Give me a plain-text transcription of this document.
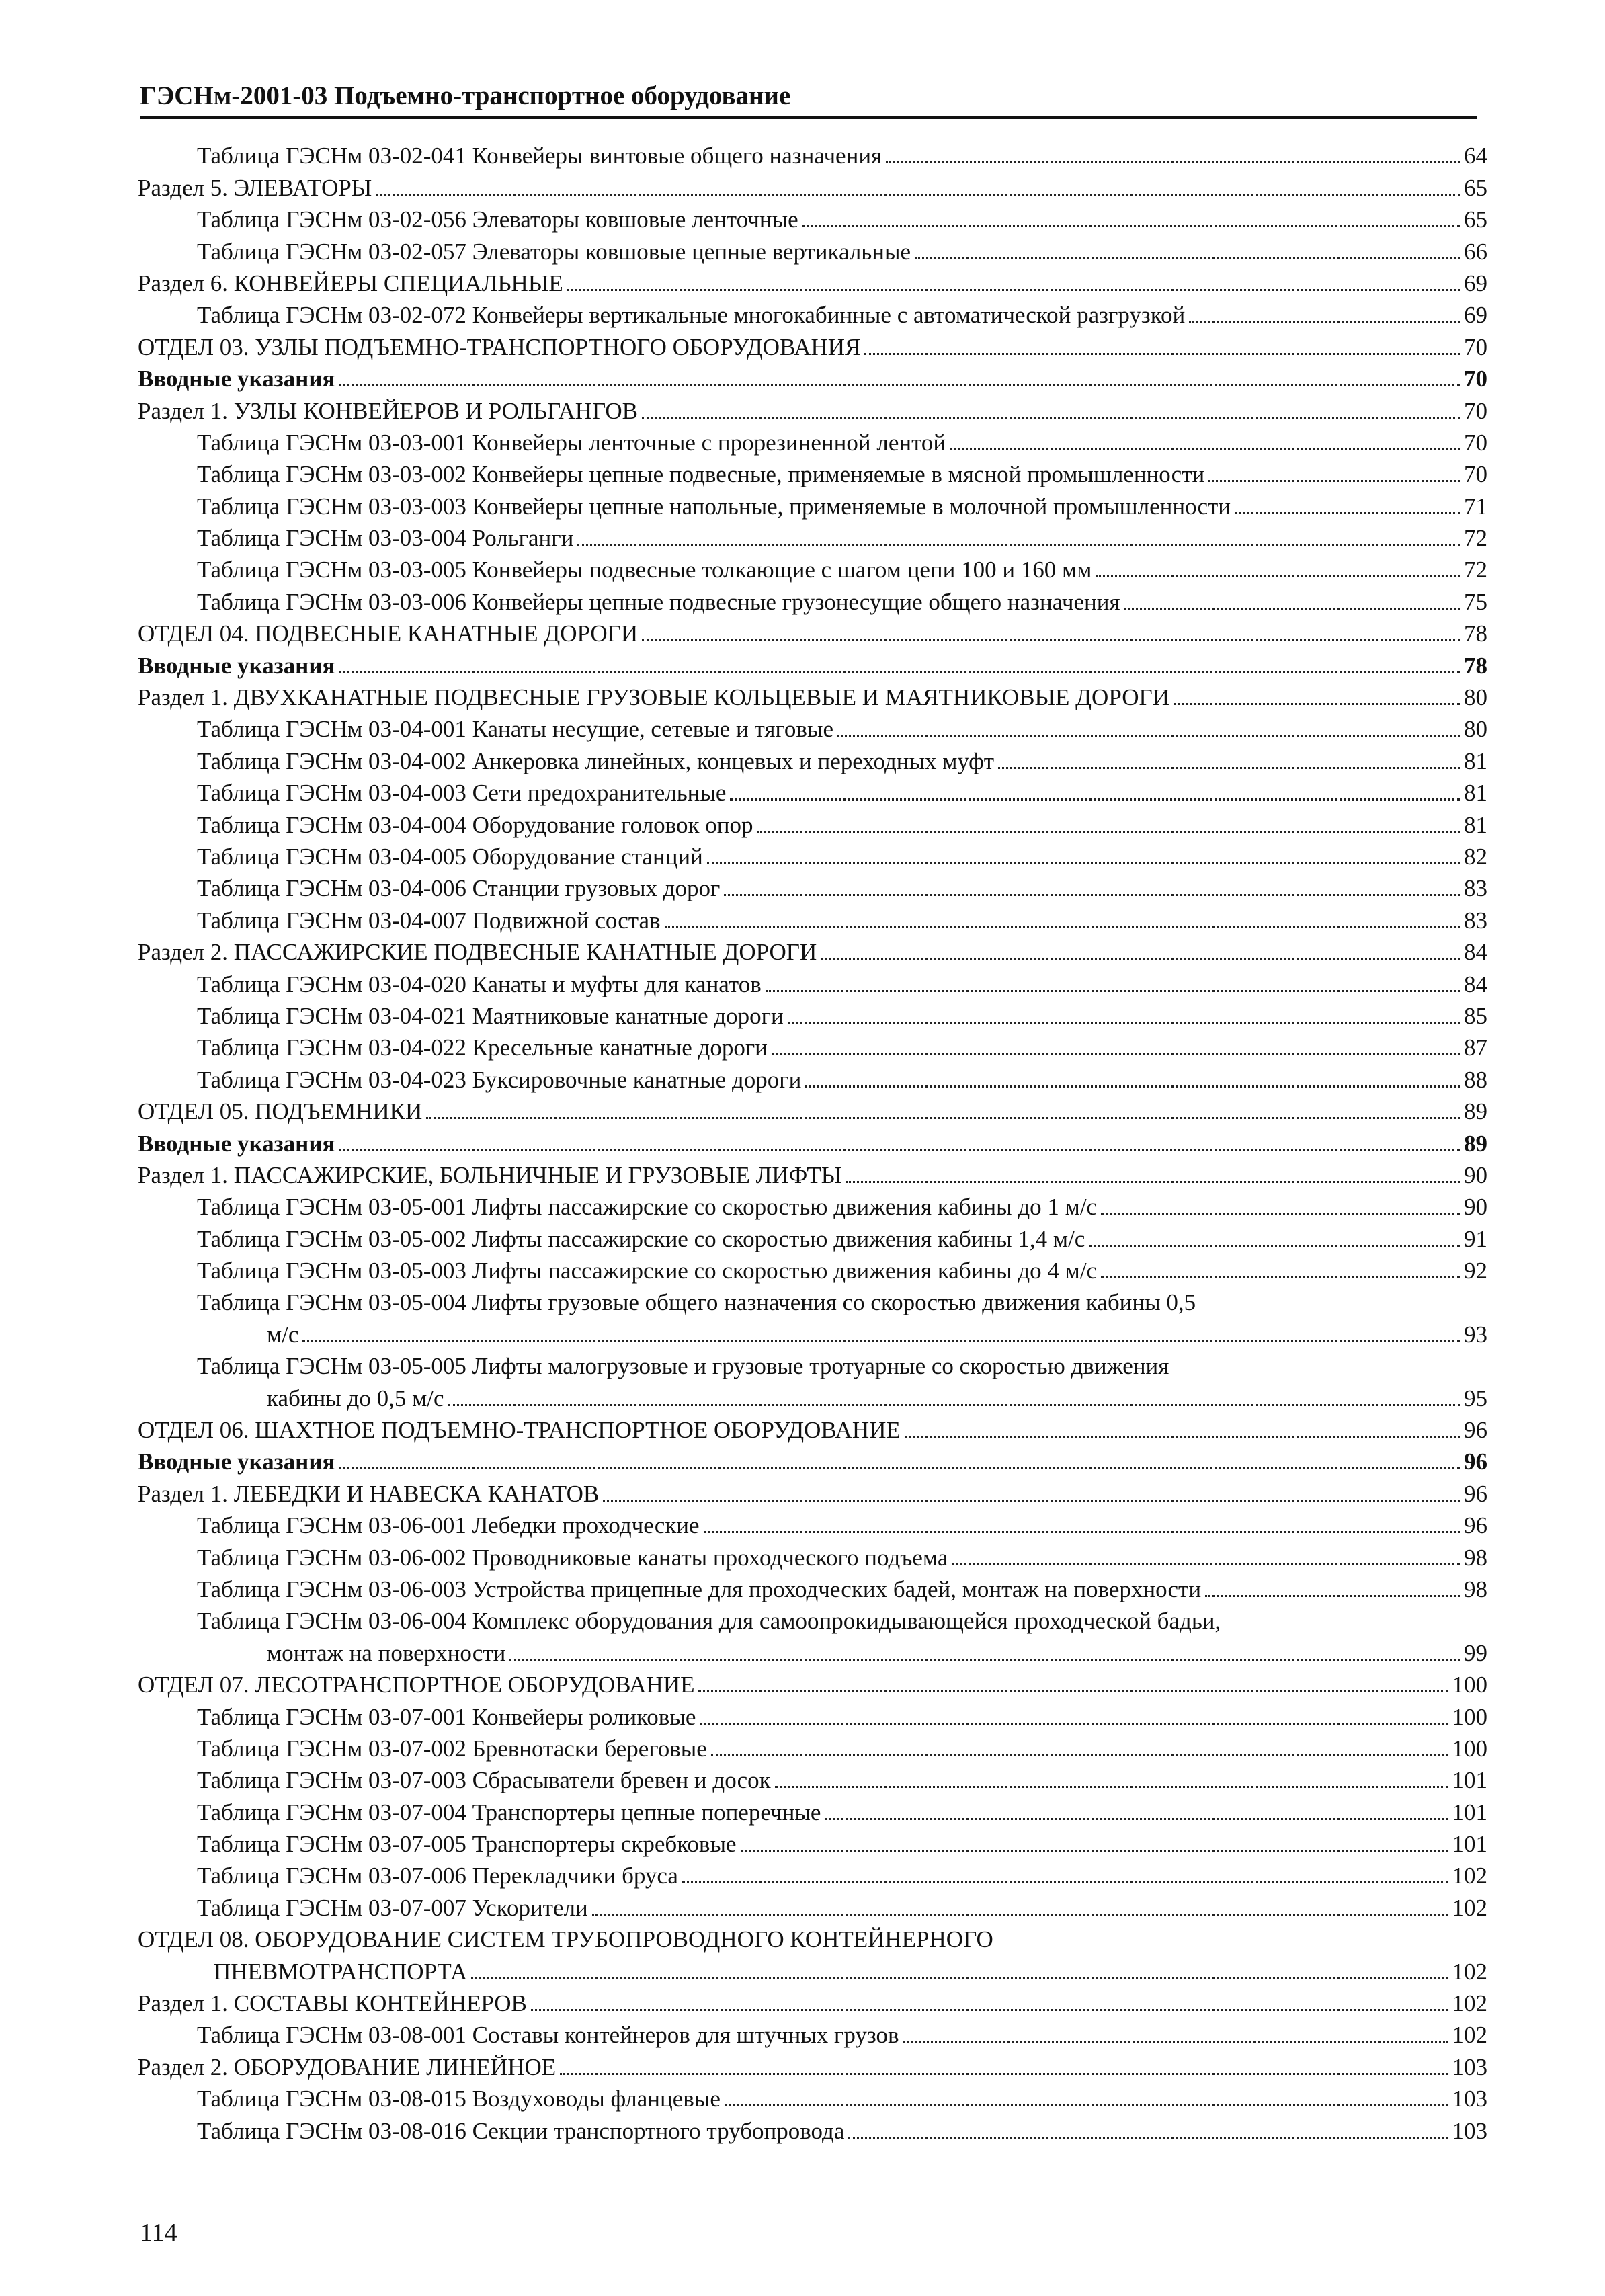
ГЭСНм-2001-03 Подъемно-транспортное оборудование
Таблица ГЭСНм 03-02-041 Конвейеры винтовые общего назначения	64
Раздел 5. ЭЛЕВАТОРЫ	65
Таблица ГЭСНм 03-02-056 Элеваторы ковшовые ленточные	65
Таблица ГЭСНм 03-02-057 Элеваторы ковшовые цепные вертикальные	66
Раздел 6. КОНВЕЙЕРЫ СПЕЦИАЛЬНЫЕ	69
Таблица ГЭСНм 03-02-072 Конвейеры вертикальные многокабинные с автоматической разгрузкой	69
ОТДЕЛ 03. УЗЛЫ ПОДЪЕМНО-ТРАНСПОРТНОГО ОБОРУДОВАНИЯ	70
Вводные указания	70
Раздел 1. УЗЛЫ КОНВЕЙЕРОВ И РОЛЬГАНГОВ	70
Таблица ГЭСНм 03-03-001 Конвейеры ленточные с прорезиненной лентой	70
Таблица ГЭСНм 03-03-002 Конвейеры цепные подвесные, применяемые в мясной промышленности	70
Таблица ГЭСНм 03-03-003 Конвейеры цепные напольные, применяемые в молочной промышленности	71
Таблица ГЭСНм 03-03-004 Рольганги	72
Таблица ГЭСНм 03-03-005 Конвейеры подвесные толкающие с шагом цепи 100 и 160 мм	72
Таблица ГЭСНм 03-03-006 Конвейеры цепные подвесные грузонесущие общего назначения	75
ОТДЕЛ 04. ПОДВЕСНЫЕ КАНАТНЫЕ ДОРОГИ	78
Вводные указания	78
Раздел 1. ДВУХКАНАТНЫЕ ПОДВЕСНЫЕ ГРУЗОВЫЕ КОЛЬЦЕВЫЕ И МАЯТНИКОВЫЕ ДОРОГИ	80
Таблица ГЭСНм 03-04-001 Канаты несущие, сетевые и тяговые	80
Таблица ГЭСНм 03-04-002 Анкеровка линейных, концевых и переходных муфт	81
Таблица ГЭСНм 03-04-003 Сети предохранительные	81
Таблица ГЭСНм 03-04-004 Оборудование головок опор	81
Таблица ГЭСНм 03-04-005 Оборудование станций	82
Таблица ГЭСНм 03-04-006 Станции грузовых дорог	83
Таблица ГЭСНм 03-04-007 Подвижной состав	83
Раздел 2. ПАССАЖИРСКИЕ ПОДВЕСНЫЕ КАНАТНЫЕ ДОРОГИ	84
Таблица ГЭСНм 03-04-020 Канаты и муфты для канатов	84
Таблица ГЭСНм 03-04-021 Маятниковые канатные дороги	85
Таблица ГЭСНм 03-04-022 Кресельные канатные дороги	87
Таблица ГЭСНм 03-04-023 Буксировочные канатные дороги	88
ОТДЕЛ 05. ПОДЪЕМНИКИ	89
Вводные указания	89
Раздел 1. ПАССАЖИРСКИЕ, БОЛЬНИЧНЫЕ И ГРУЗОВЫЕ ЛИФТЫ	90
Таблица ГЭСНм 03-05-001 Лифты пассажирские со скоростью движения кабины до 1 м/с	90
Таблица ГЭСНм 03-05-002 Лифты пассажирские со скоростью движения кабины 1,4 м/с	91
Таблица ГЭСНм 03-05-003 Лифты пассажирские со скоростью движения кабины до 4 м/с	92
Таблица ГЭСНм 03-05-004 Лифты грузовые общего назначения со скоростью движения кабины 0,5
м/с	93
Таблица ГЭСНм 03-05-005 Лифты малогрузовые и грузовые тротуарные со скоростью движения
кабины до 0,5 м/с	95
ОТДЕЛ 06. ШАХТНОЕ ПОДЪЕМНО-ТРАНСПОРТНОЕ ОБОРУДОВАНИЕ	96
Вводные указания	96
Раздел 1. ЛЕБЕДКИ И НАВЕСКА КАНАТОВ	96
Таблица ГЭСНм 03-06-001 Лебедки проходческие	96
Таблица ГЭСНм 03-06-002 Проводниковые канаты проходческого подъема	98
Таблица ГЭСНм 03-06-003 Устройства прицепные для проходческих бадей, монтаж на поверхности	98
Таблица ГЭСНм 03-06-004 Комплекс оборудования для самоопрокидывающейся проходческой бадьи,
монтаж на поверхности	99
ОТДЕЛ 07. ЛЕСОТРАНСПОРТНОЕ ОБОРУДОВАНИЕ	100
Таблица ГЭСНм 03-07-001 Конвейеры роликовые	100
Таблица ГЭСНм 03-07-002 Бревнотаски береговые	100
Таблица ГЭСНм 03-07-003 Сбрасыватели бревен и досок	101
Таблица ГЭСНм 03-07-004 Транспортеры цепные поперечные	101
Таблица ГЭСНм 03-07-005 Транспортеры скребковые	101
Таблица ГЭСНм 03-07-006 Перекладчики бруса	102
Таблица ГЭСНм 03-07-007 Ускорители	102
ОТДЕЛ 08. ОБОРУДОВАНИЕ СИСТЕМ ТРУБОПРОВОДНОГО КОНТЕЙНЕРНОГО
ПНЕВМОТРАНСПОРТА	102
Раздел 1. СОСТАВЫ КОНТЕЙНЕРОВ	102
Таблица ГЭСНм 03-08-001 Составы контейнеров для штучных грузов	102
Раздел 2. ОБОРУДОВАНИЕ ЛИНЕЙНОЕ	103
Таблица ГЭСНм 03-08-015 Воздуховоды фланцевые	103
Таблица ГЭСНм 03-08-016 Секции транспортного трубопровода	103
114
